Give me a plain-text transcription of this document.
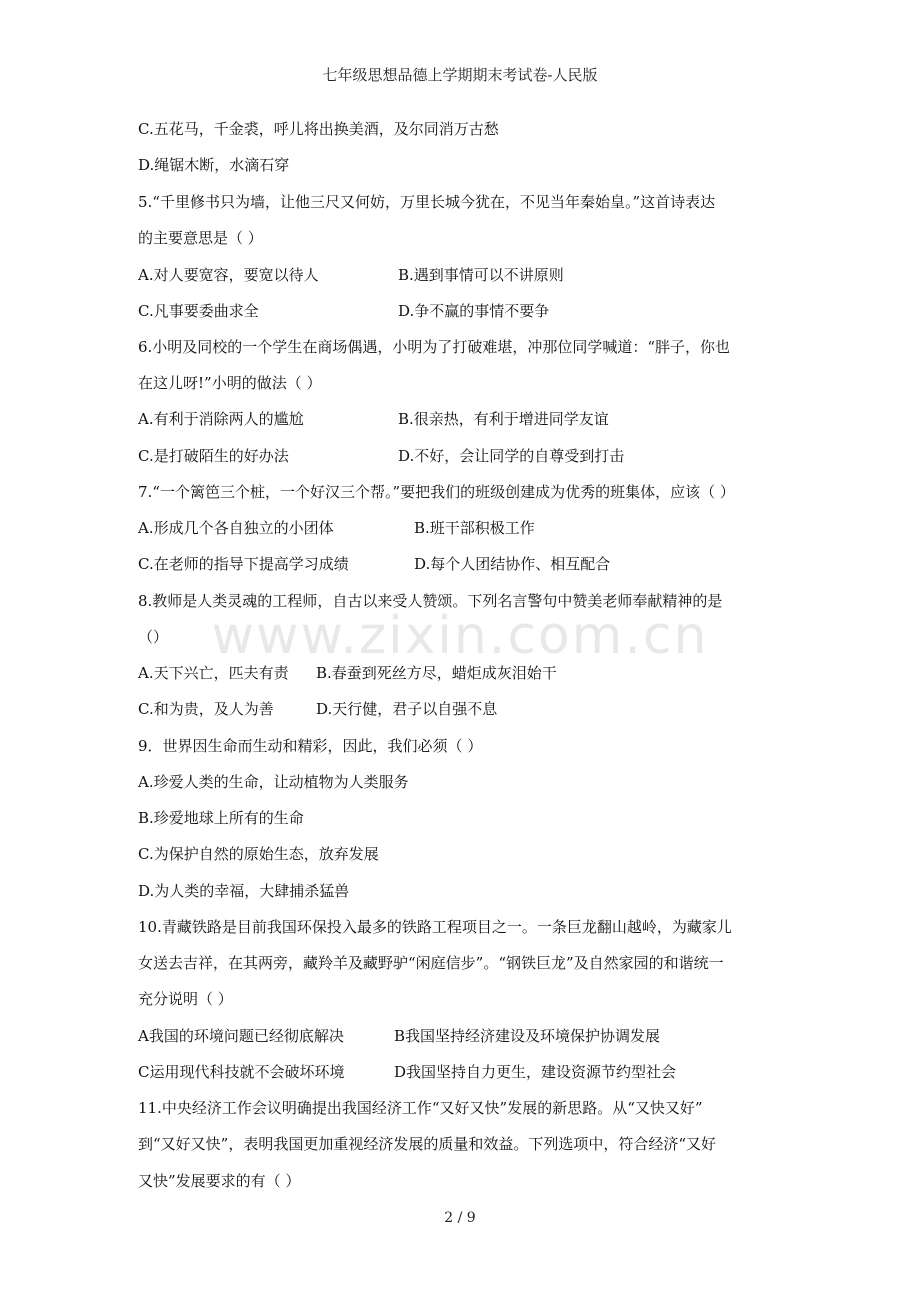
七年级思想品德上学期期末考试卷-人民版
C.五花马，千金裘，呼儿将出换美酒，及尔同消万古愁
D.绳锯木断，水滴石穿
5.“千里修书只为墙，让他三尺又何妨，万里长城今犹在，不见当年秦始皇。”这首诗表达
的主要意思是（ ）
A.对人要宽容，要宽以待人	B.遇到事情可以不讲原则
C.凡事要委曲求全	D.争不赢的事情不要争
6.小明及同校的一个学生在商场偶遇，小明为了打破难堪，冲那位同学喊道：“胖子，你也
在这儿呀!”小明的做法（ ）
A.有利于消除两人的尴尬	B.很亲热，有利于增进同学友谊
C.是打破陌生的好办法	D.不好，会让同学的自尊受到打击
7.“一个篱笆三个桩，一个好汉三个帮。”要把我们的班级创建成为优秀的班集体，应该（ ）
A.形成几个各自独立的小团体	B.班干部积极工作
C.在老师的指导下提高学习成绩	D.每个人团结协作、相互配合
8.教师是人类灵魂的工程师，自古以来受人赞颂。下列名言警句中赞美老师奉献精神的是
（）
A.天下兴亡，匹夫有责 B.春蚕到死丝方尽，蜡炬成灰泪始干
C.和为贵，及人为善	D.天行健，君子以自强不息
9．世界因生命而生动和精彩，因此，我们必须（ ）
A.珍爱人类的生命，让动植物为人类服务
B.珍爱地球上所有的生命
C.为保护自然的原始生态，放弃发展
D.为人类的幸福，大肆捕杀猛兽
10.青藏铁路是目前我国环保投入最多的铁路工程项目之一。一条巨龙翻山越岭，为藏家儿
女送去吉祥，在其两旁，藏羚羊及藏野驴“闲庭信步”。“钢铁巨龙”及自然家园的和谐统一
充分说明（ ）
A我国的环境问题已经彻底解决	B我国坚持经济建设及环境保护协调发展
C运用现代科技就不会破坏环境	D我国坚持自力更生，建设资源节约型社会
11.中央经济工作会议明确提出我国经济工作“又好又快”发展的新思路。从“又快又好”
到“又好又快”，表明我国更加重视经济发展的质量和效益。下列选项中，符合经济“又好
又快”发展要求的有（ ）
www.zixin.com.cn
2 / 9
